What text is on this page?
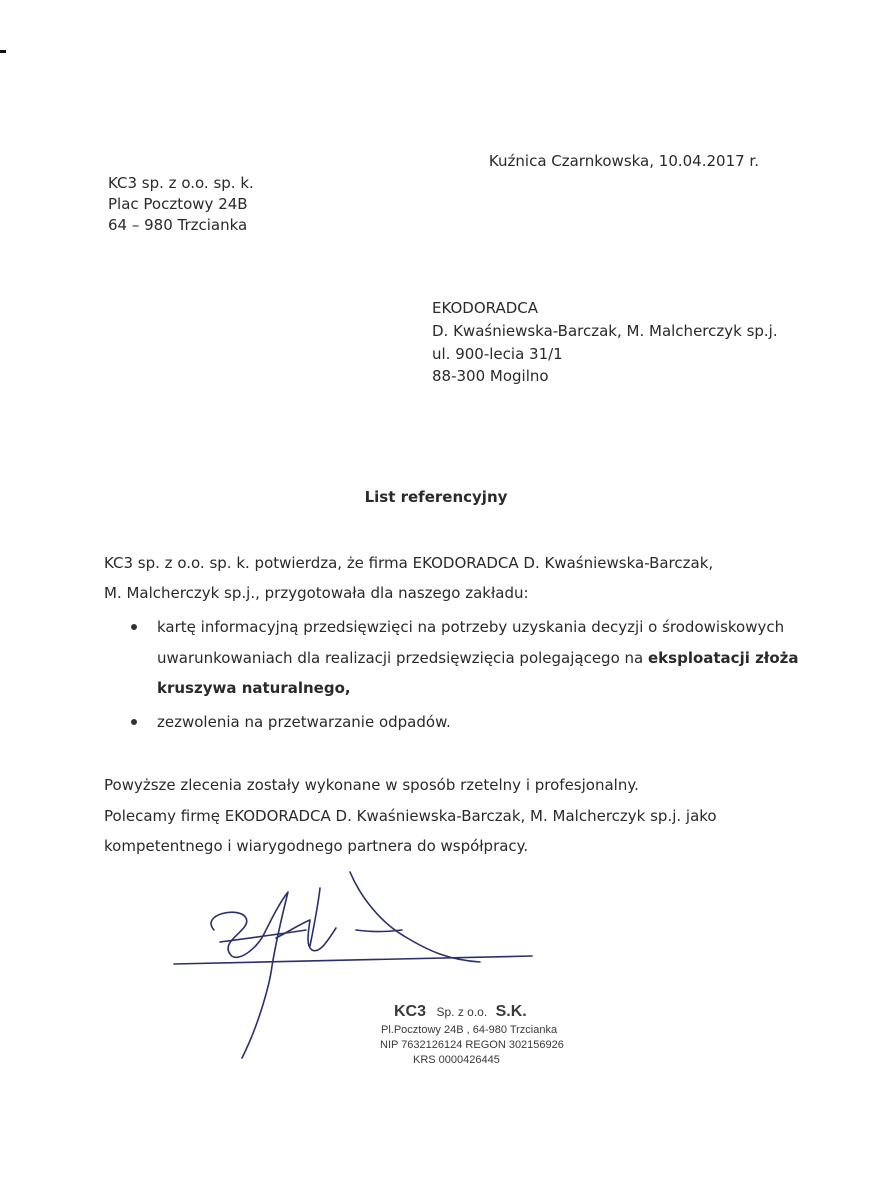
Kuźnica Czarnkowska, 10.04.2017 r.
KC3 sp. z o.o. sp. k.
Plac Pocztowy 24B
64 – 980 Trzcianka
EKODORADCA
D. Kwaśniewska-Barczak, M. Malcherczyk sp.j.
ul. 900-lecia 31/1
88-300 Mogilno
List referencyjny
KC3 sp. z o.o. sp. k. potwierdza, że firma EKODORADCA D. Kwaśniewska-Barczak,
M. Malcherczyk sp.j., przygotowała dla naszego zakładu:
kartę informacyjną przedsięwzięci na potrzeby uzyskania decyzji o środowiskowych
uwarunkowaniach dla realizacji przedsięwzięcia polegającego na eksploatacji złoża
kruszywa naturalnego,
zezwolenia na przetwarzanie odpadów.
Powyższe zlecenia zostały wykonane w sposób rzetelny i profesjonalny.
Polecamy firmę EKODORADCA D. Kwaśniewska-Barczak, M. Malcherczyk sp.j. jako
kompetentnego i wiarygodnego partnera do współpracy.
KC3 Sp. z o.o. S.K.
Pl.Pocztowy 24B , 64-980 Trzcianka
NIP 7632126124 REGON 302156926
KRS 0000426445
